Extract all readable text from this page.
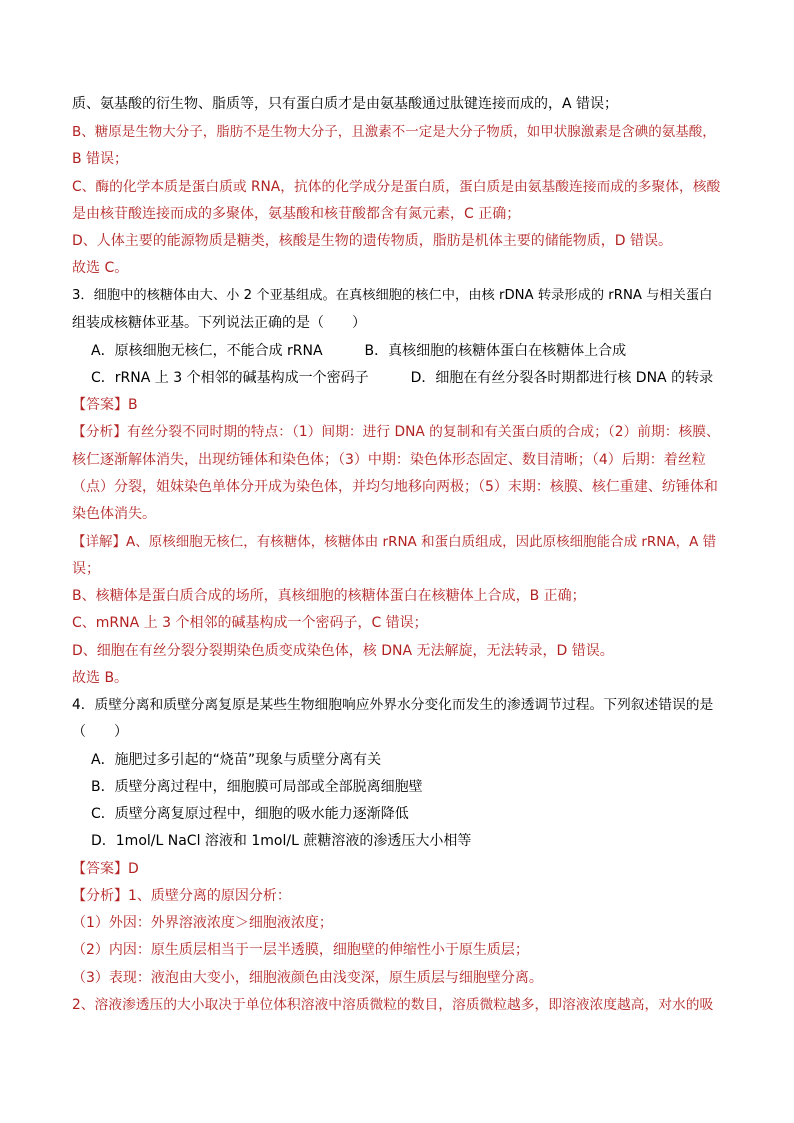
质、氨基酸的衍生物、脂质等，只有蛋白质才是由氨基酸通过肽键连接而成的，A 错误；
B、糖原是生物大分子，脂肪不是生物大分子，且激素不一定是大分子物质，如甲状腺激素是含碘的氨基酸，
B 错误；
C、酶的化学本质是蛋白质或 RNA，抗体的化学成分是蛋白质，蛋白质是由氨基酸连接而成的多聚体，核酸
是由核苷酸连接而成的多聚体，氨基酸和核苷酸都含有氮元素，C 正确；
D、人体主要的能源物质是糖类，核酸是生物的遗传物质，脂肪是机体主要的储能物质，D 错误。
故选 C。
3．细胞中的核糖体由大、小 2 个亚基组成。在真核细胞的核仁中，由核 rDNA 转录形成的 rRNA 与相关蛋白
组装成核糖体亚基。下列说法正确的是（　　）
A．原核细胞无核仁，不能合成 rRNA　　　B．真核细胞的核糖体蛋白在核糖体上合成
C．rRNA 上 3 个相邻的碱基构成一个密码子　　　D．细胞在有丝分裂各时期都进行核 DNA 的转录
【答案】B
【分析】有丝分裂不同时期的特点：（1）间期：进行 DNA 的复制和有关蛋白质的合成；（2）前期：核膜、
核仁逐渐解体消失，出现纺锤体和染色体；（3）中期：染色体形态固定、数目清晰；（4）后期：着丝粒
（点）分裂，姐妹染色单体分开成为染色体，并均匀地移向两极；（5）末期：核膜、核仁重建、纺锤体和
染色体消失。
【详解】A、原核细胞无核仁，有核糖体，核糖体由 rRNA 和蛋白质组成，因此原核细胞能合成 rRNA，A 错
误；
B、核糖体是蛋白质合成的场所，真核细胞的核糖体蛋白在核糖体上合成，B 正确；
C、mRNA 上 3 个相邻的碱基构成一个密码子，C 错误；
D、细胞在有丝分裂分裂期染色质变成染色体，核 DNA 无法解旋，无法转录，D 错误。
故选 B。
4．质壁分离和质壁分离复原是某些生物细胞响应外界水分变化而发生的渗透调节过程。下列叙述错误的是
（　　）
A．施肥过多引起的“烧苗”现象与质壁分离有关
B．质壁分离过程中，细胞膜可局部或全部脱离细胞壁
C．质壁分离复原过程中，细胞的吸水能力逐渐降低
D．1mol/L NaCl 溶液和 1mol/L 蔗糖溶液的渗透压大小相等
【答案】D
【分析】1、质壁分离的原因分析：
（1）外因：外界溶液浓度＞细胞液浓度；
（2）内因：原生质层相当于一层半透膜，细胞壁的伸缩性小于原生质层；
（3）表现：液泡由大变小，细胞液颜色由浅变深，原生质层与细胞壁分离。
2、溶液渗透压的大小取决于单位体积溶液中溶质微粒的数目，溶质微粒越多，即溶液浓度越高，对水的吸
